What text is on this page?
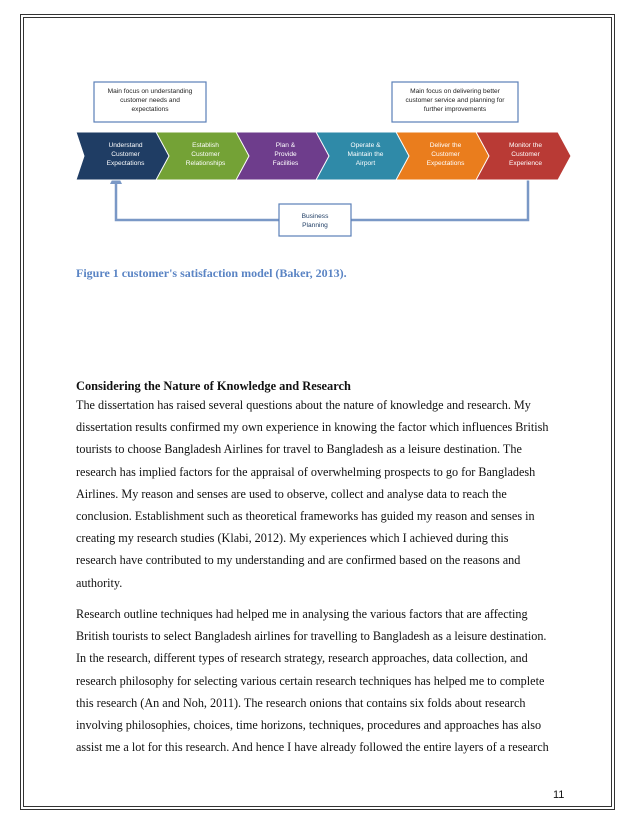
Main focus on understanding customer needs and expectations
Main focus on delivering better customer service and planning for further improvements
Understand Customer Expectations
Establish Customer Relationships
Plan & Provide Facilities
Operate & Maintain the Airport
Deliver the Customer Expectations
Monitor the Customer Experience
Business Planning
Figure 1 customer's satisfaction model (Baker, 2013).
Considering the Nature of Knowledge and Research
The dissertation has raised several questions about the nature of knowledge and research. My
dissertation results confirmed my own experience in knowing the factor which influences British
tourists to choose Bangladesh Airlines for travel to Bangladesh as a leisure destination. The
research has implied factors for the appraisal of overwhelming prospects to go for Bangladesh
Airlines. My reason and senses are used to observe, collect and analyse data to reach the
conclusion. Establishment such as theoretical frameworks has guided my reason and senses in
creating my research studies (Klabi, 2012). My experiences which I achieved during this
research have contributed to my understanding and are confirmed based on the reasons and
authority.
Research outline techniques had helped me in analysing the various factors that are affecting
British tourists to select Bangladesh airlines for travelling to Bangladesh as a leisure destination.
In the research, different types of research strategy, research approaches, data collection, and
research philosophy for selecting various certain research techniques has helped me to complete
this research (An and Noh, 2011). The research onions that contains six folds about research
involving philosophies, choices, time horizons, techniques, procedures and approaches has also
assist me a lot for this research. And hence I have already followed the entire layers of a research
11
